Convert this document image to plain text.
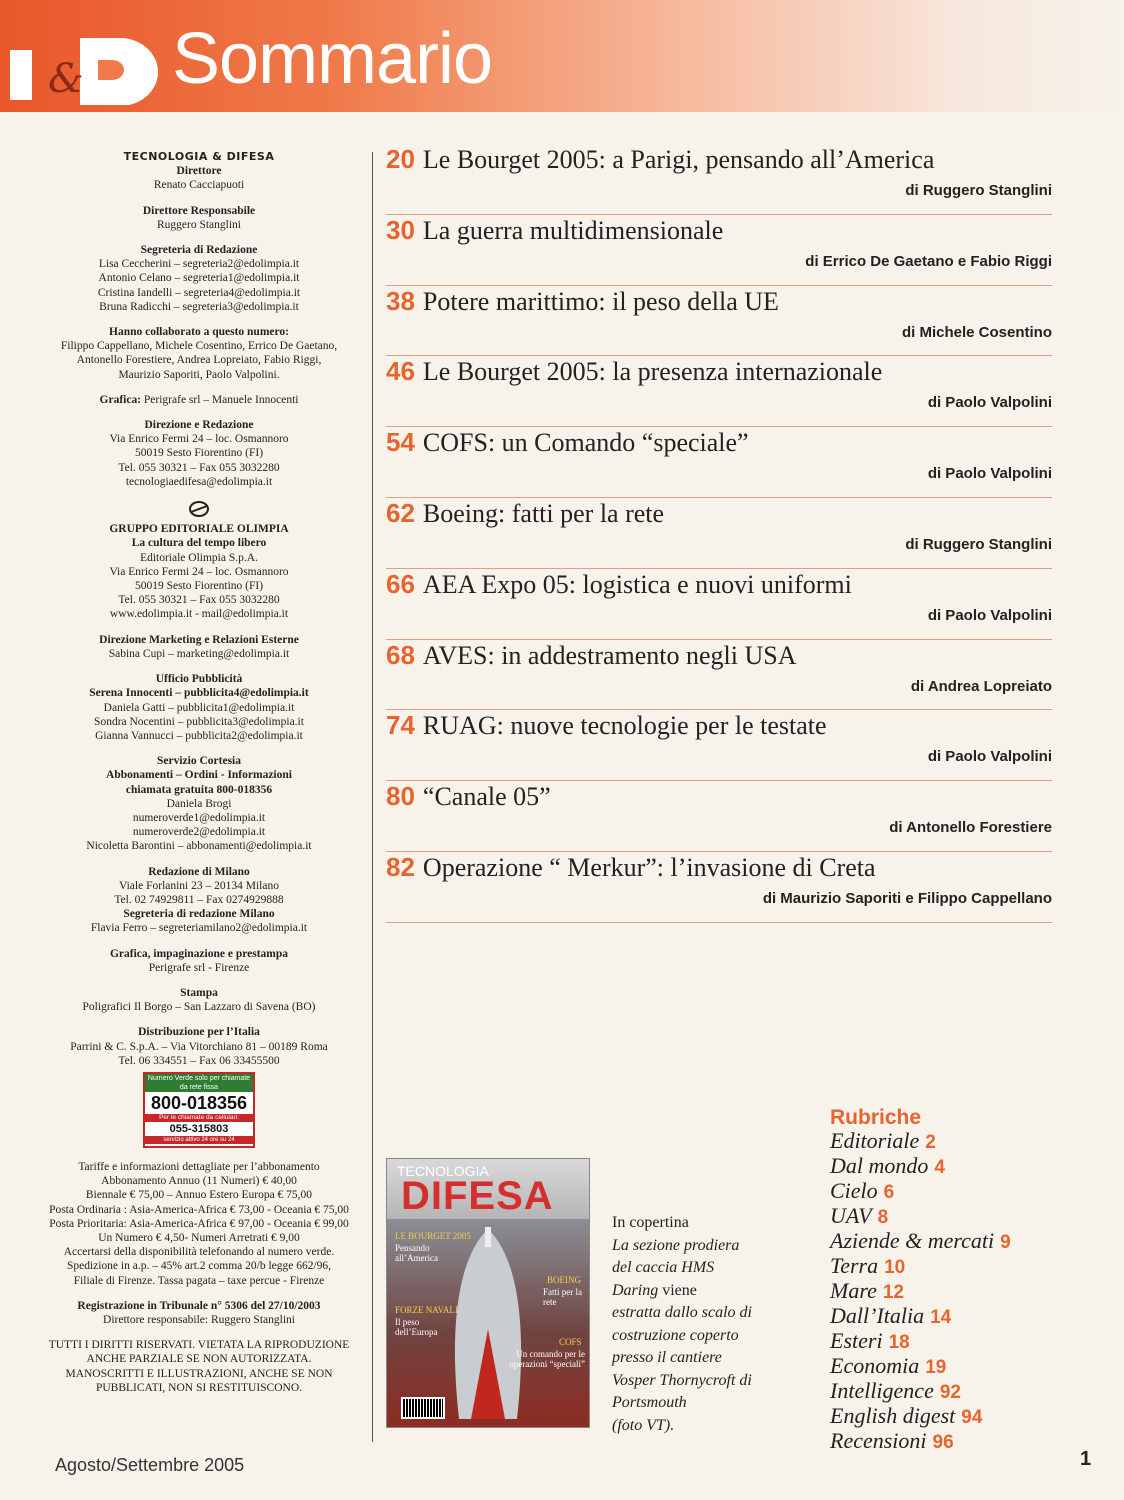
& Sommario
TECNOLOGIA & DIFESA
Direttore
Renato Cacciapuoti
Direttore Responsabile
Ruggero Stanglini
Segreteria di Redazione
Lisa Ceccherini – segreteria2@edolimpia.it
Antonio Celano – segreteria1@edolimpia.it
Cristina Iandelli – segreteria4@edolimpia.it
Bruna Radicchi – segreteria3@edolimpia.it
Hanno collaborato a questo numero:
Filippo Cappellano, Michele Cosentino, Errico De Gaetano,
Antonello Forestiere, Andrea Lopreiato, Fabio Riggi,
Maurizio Saporiti, Paolo Valpolini.
Grafica: Perigrafe srl – Manuele Innocenti
Direzione e Redazione
Via Enrico Fermi 24 – loc. Osmannoro
50019 Sesto Fiorentino (FI)
Tel. 055 30321 – Fax 055 3032280
tecnologiaedifesa@edolimpia.it
GRUPPO EDITORIALE OLIMPIA
La cultura del tempo libero
Editoriale Olimpia S.p.A.
Via Enrico Fermi 24 – loc. Osmannoro
50019 Sesto Fiorentino (FI)
Tel. 055 30321 – Fax 055 3032280
www.edolimpia.it - mail@edolimpia.it
Direzione Marketing e Relazioni Esterne
Sabina Cupi – marketing@edolimpia.it
Ufficio Pubblicità
Serena Innocenti – pubblicita4@edolimpia.it
Daniela Gatti – pubblicita1@edolimpia.it
Sondra Nocentini – pubblicita3@edolimpia.it
Gianna Vannucci – pubblicita2@edolimpia.it
Servizio Cortesia
Abbonamenti – Ordini - Informazioni
chiamata gratuita 800-018356
Daniela Brogi
numeroverde1@edolimpia.it
numeroverde2@edolimpia.it
Nicoletta Barontini – abbonamenti@edolimpia.it
Redazione di Milano
Viale Forlanini 23 – 20134 Milano
Tel. 02 74929811 – Fax 0274929888
Segreteria di redazione Milano
Flavia Ferro – segreteriamilano2@edolimpia.it
Grafica, impaginazione e prestampa
Perigrafe srl - Firenze
Stampa
Poligrafici Il Borgo – San Lazzaro di Savena (BO)
Distribuzione per l’Italia
Parrini & C. S.p.A. – Via Vitorchiano 81 – 00189 Roma
Tel. 06 334551 – Fax 06 33455500
Numero Verde solo per chiamate da rete fissa
800-018356
Per le chiamate da cellulari:
055-315803
servizio attivo 24 ore su 24
Tariffe e informazioni dettagliate per l’abbonamento
Abbonamento Annuo (11 Numeri) € 40,00
Biennale € 75,00 – Annuo Estero Europa € 75,00
Posta Ordinaria : Asia-America-Africa € 73,00 - Oceania € 75,00
Posta Prioritaria: Asia-America-Africa € 97,00 - Oceania € 99,00
Un Numero € 4,50- Numeri Arretrati € 9,00
Accertarsi della disponibilità telefonando al numero verde.
Spedizione in a.p. – 45% art.2 comma 20/b legge 662/96,
Filiale di Firenze. Tassa pagata – taxe percue - Firenze
Registrazione in Tribunale n° 5306 del 27/10/2003
Direttore responsabile: Ruggero Stanglini
TUTTI I DIRITTI RISERVATI. VIETATA LA RIPRODUZIONE
ANCHE PARZIALE SE NON AUTORIZZATA.
MANOSCRITTI E ILLUSTRAZIONI, ANCHE SE NON
PUBBLICATI, NON SI RESTITUISCONO.
20 Le Bourget 2005: a Parigi, pensando all’America
di Ruggero Stanglini
30 La guerra multidimensionale
di Errico De Gaetano e Fabio Riggi
38 Potere marittimo: il peso della UE
di Michele Cosentino
46 Le Bourget 2005: la presenza internazionale
di Paolo Valpolini
54 COFS: un Comando “speciale”
di Paolo Valpolini
62 Boeing: fatti per la rete
di Ruggero Stanglini
66 AEA Expo 05: logistica e nuovi uniformi
di Paolo Valpolini
68 AVES: in addestramento negli USA
di Andrea Lopreiato
74 RUAG: nuove tecnologie per le testate
di Paolo Valpolini
80 “Canale 05”
di Antonello Forestiere
82 Operazione “ Merkur”: l’invasione di Creta
di Maurizio Saporiti e Filippo Cappellano
TECNOLOGIA
DIFESA
LE BOURGET 2005
Pensando all’America
BOEING
Fatti per la rete
FORZE NAVALI
Il peso dell’Europa
COFS
Un comando per le operazioni “speciali”
In copertina
La sezione prodiera
del caccia HMS
Daring viene
estratta dallo scalo di
costruzione coperto
presso il cantiere
Vosper Thornycroft di
Portsmouth
(foto VT).
Rubriche
Editoriale 2
Dal mondo 4
Cielo 6
UAV 8
Aziende & mercati 9
Terra 10
Mare 12
Dall’Italia 14
Esteri 18
Economia 19
Intelligence 92
English digest 94
Recensioni 96
Agosto/Settembre 2005	1
